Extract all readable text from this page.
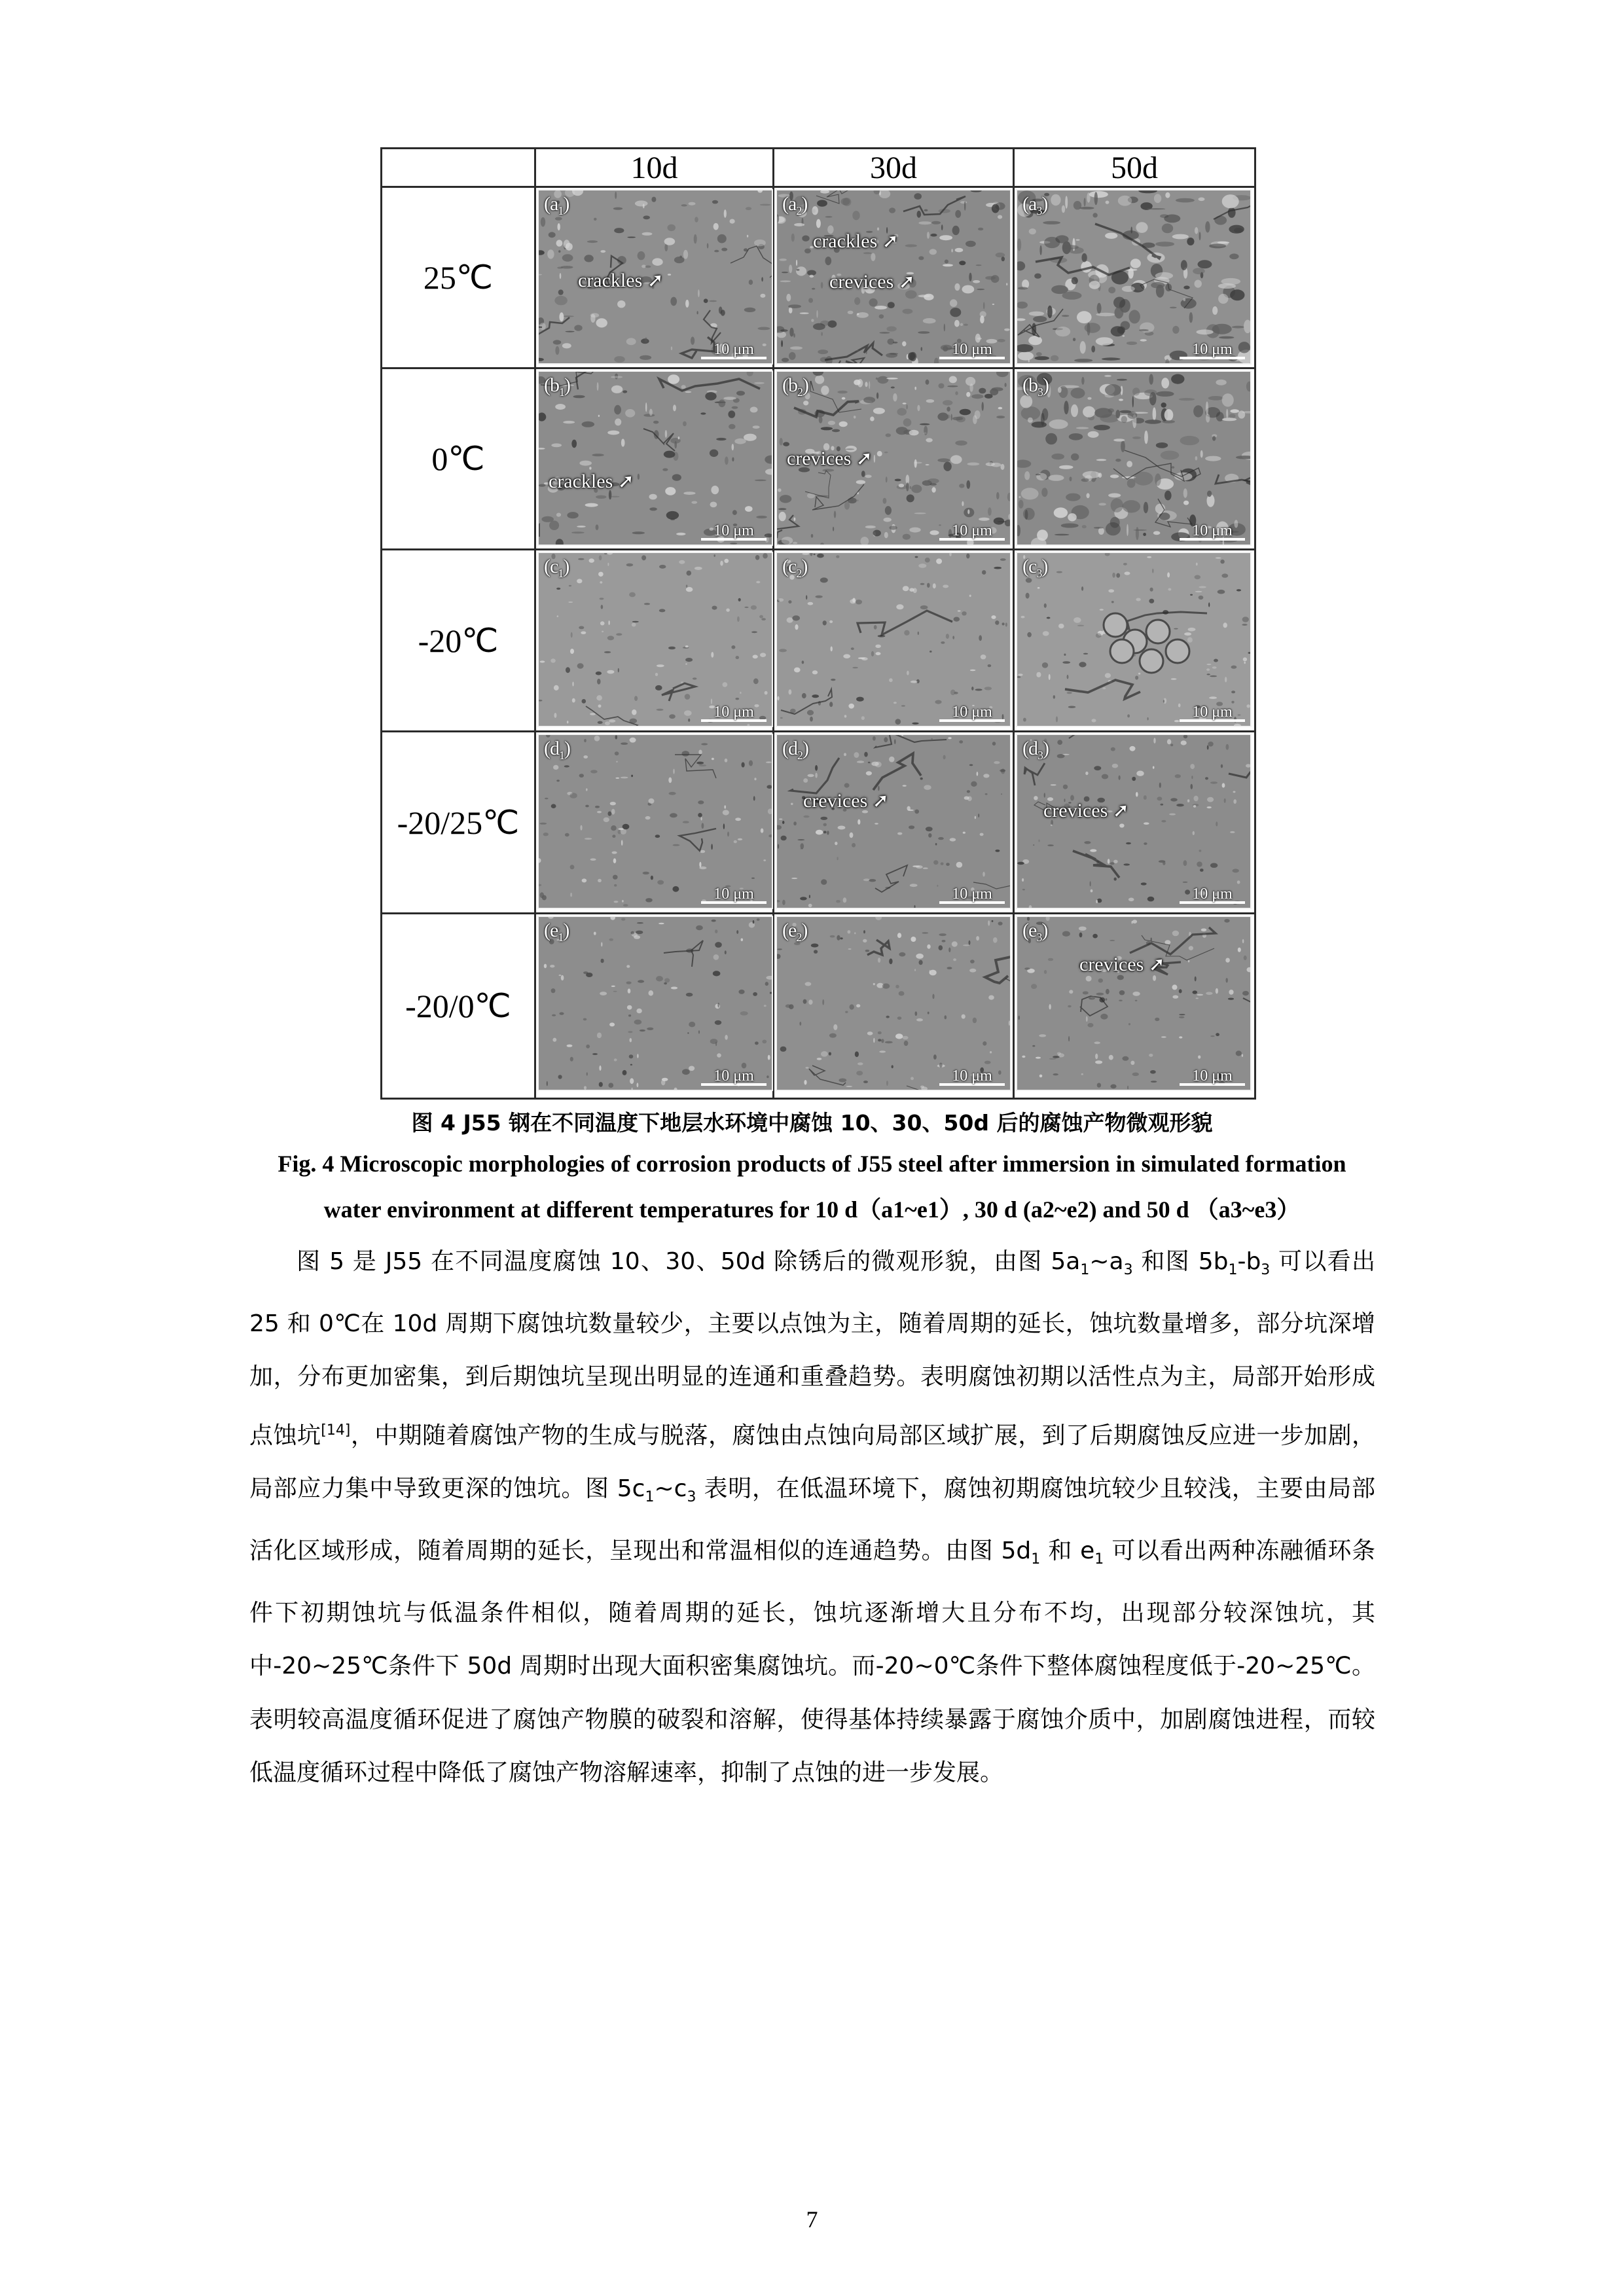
10d	30d	50d
25℃
0℃
-20℃
-20/25℃
-20/0℃
$(a_1)$
crackles ➚
10 μm
$(a_2)$
crackles ➚
crevices ➚
10 μm
$(a_3)$
10 μm
$(b_1)$
crackles ➚
10 μm
$(b_2)$
crevices ➚
10 μm
$(b_3)$
10 μm
$(c_1)$
10 μm
$(c_2)$
10 μm
$(c_3)$
10 μm
$(d_1)$
10 μm
$(d_2)$
crevices ➚
10 μm
$(d_3)$
crevices ➚
10 μm
$(e_1)$
10 μm
$(e_2)$
10 μm
$(e_3)$
crevices ➚
10 μm
图 4 J55 钢在不同温度下地层水环境中腐蚀 10、30、50d 后的腐蚀产物微观形貌
Fig. 4 Microscopic morphologies of corrosion products of J55 steel after immersion in simulated formation
water environment at different temperatures for 10 d（a1~e1）, 30 d (a2~e2) and 50 d （a3~e3）

图 5 是 J55 在不同温度腐蚀 10、30、50d 除锈后的微观形貌，由图 $5a_1\sim a_3$ 和图 $5b_1-b_3$ 可以看出 25 和 0℃在 10d 周期下腐蚀坑数量较少，主要以点蚀为主，随着周期的延长，蚀坑数量增多，部分坑深增加，分布更加密集，到后期蚀坑呈现出明显的连通和重叠趋势。表明腐蚀初期以活性点为主，局部开始形成点蚀坑[14]，中期随着腐蚀产物的生成与脱落，腐蚀由点蚀向局部区域扩展，到了后期腐蚀反应进一步加剧，局部应力集中导致更深的蚀坑。图 $5c_1\sim c_3$ 表明，在低温环境下，腐蚀初期腐蚀坑较少且较浅，主要由局部活化区域形成，随着周期的延长，呈现出和常温相似的连通趋势。由图 $5d_1$ 和 $e_1$ 可以看出两种冻融循环条件下初期蚀坑与低温条件相似，随着周期的延长，蚀坑逐渐增大且分布不均，出现部分较深蚀坑，其中-20~25℃条件下 50d 周期时出现大面积密集腐蚀坑。而-20~0℃条件下整体腐蚀程度低于-20~25℃。表明较高温度循环促进了腐蚀产物膜的破裂和溶解，使得基体持续暴露于腐蚀介质中，加剧腐蚀进程，而较低温度循环过程中降低了腐蚀产物溶解速率，抑制了点蚀的进一步发展。

7
